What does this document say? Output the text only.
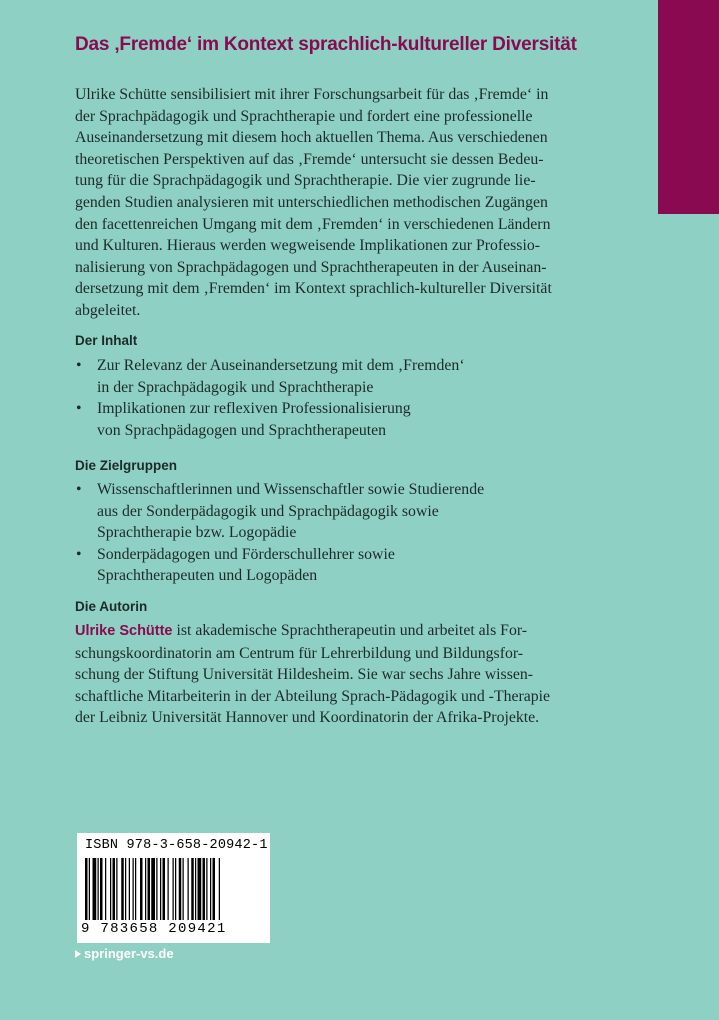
Das ‚Fremde‘ im Kontext sprachlich-kultureller Diversität
Ulrike Schütte sensibilisiert mit ihrer Forschungsarbeit für das ‚Fremde‘ in
der Sprachpädagogik und Sprachtherapie und fordert eine professionelle
Auseinandersetzung mit diesem hoch aktuellen Thema. Aus verschiedenen
theoretischen Perspektiven auf das ‚Fremde‘ untersucht sie dessen Bedeu-
tung für die Sprachpädagogik und Sprachtherapie. Die vier zugrunde lie-
genden Studien analysieren mit unterschiedlichen methodischen Zugängen
den facettenreichen Umgang mit dem ‚Fremden‘ in verschiedenen Ländern
und Kulturen. Hieraus werden wegweisende Implikationen zur Professio-
nalisierung von Sprachpädagogen und Sprachtherapeuten in der Auseinan-
dersetzung mit dem ‚Fremden‘ im Kontext sprachlich-kultureller Diversität
abgeleitet.
Der Inhalt
• Zur Relevanz der Auseinandersetzung mit dem ‚Fremden‘
in der Sprachpädagogik und Sprachtherapie
• Implikationen zur reflexiven Professionalisierung
von Sprachpädagogen und Sprachtherapeuten
Die Zielgruppen
• Wissenschaftlerinnen und Wissenschaftler sowie Studierende
aus der Sonderpädagogik und Sprachpädagogik sowie
Sprachtherapie bzw. Logopädie
• Sonderpädagogen und Förderschullehrer sowie
Sprachtherapeuten und Logopäden
Die Autorin
Ulrike Schütte ist akademische Sprachtherapeutin und arbeitet als For-
schungskoordinatorin am Centrum für Lehrerbildung und Bildungsfor-
schung der Stiftung Universität Hildesheim. Sie war sechs Jahre wissen-
schaftliche Mitarbeiterin in der Abteilung Sprach-Pädagogik und -Therapie
der Leibniz Universität Hannover und Koordinatorin der Afrika-Projekte.
ISBN 978-3-658-20942-1
9 783658 209421
springer-vs.de
